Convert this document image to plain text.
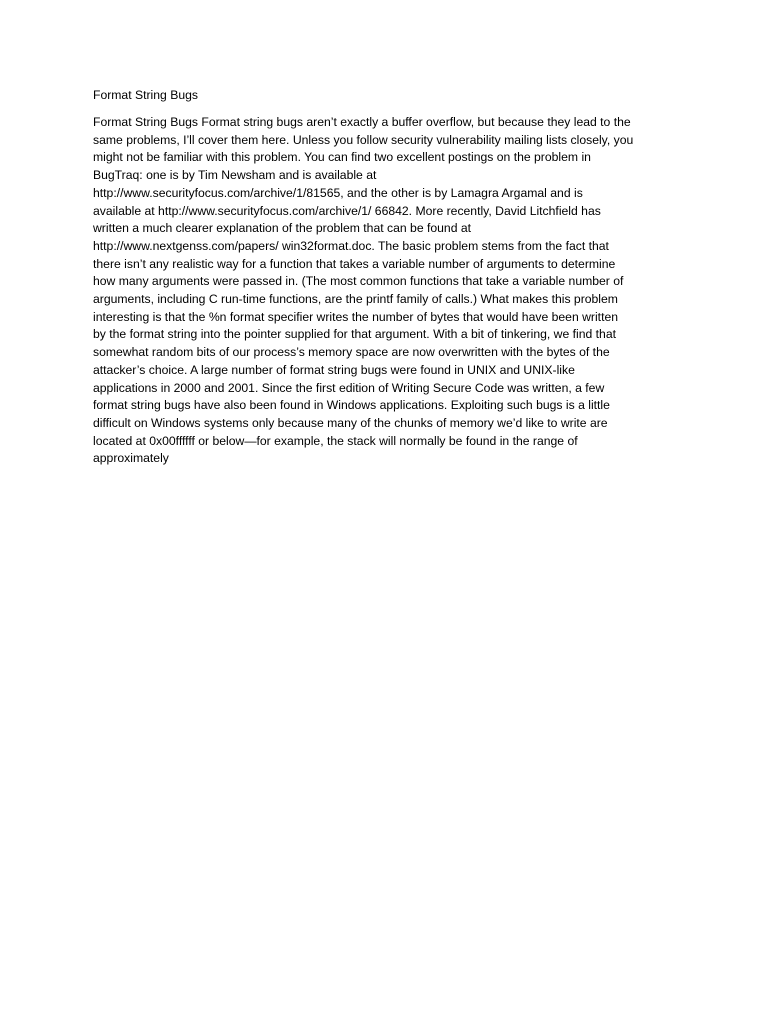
Format String Bugs
Format String Bugs Format string bugs aren’t exactly a buffer overflow, but because they lead to the
same problems, I’ll cover them here. Unless you follow security vulnerability mailing lists closely, you
might not be familiar with this problem. You can find two excellent postings on the problem in
BugTraq: one is by Tim Newsham and is available at
http://www.securityfocus.com/archive/1/81565, and the other is by Lamagra Argamal and is
available at http://www.securityfocus.com/archive/1/ 66842. More recently, David Litchfield has
written a much clearer explanation of the problem that can be found at
http://www.nextgenss.com/papers/ win32format.doc. The basic problem stems from the fact that
there isn’t any realistic way for a function that takes a variable number of arguments to determine
how many arguments were passed in. (The most common functions that take a variable number of
arguments, including C run-time functions, are the printf family of calls.) What makes this problem
interesting is that the %n format specifier writes the number of bytes that would have been written
by the format string into the pointer supplied for that argument. With a bit of tinkering, we find that
somewhat random bits of our process’s memory space are now overwritten with the bytes of the
attacker’s choice. A large number of format string bugs were found in UNIX and UNIX-like
applications in 2000 and 2001. Since the first edition of Writing Secure Code was written, a few
format string bugs have also been found in Windows applications. Exploiting such bugs is a little
difficult on Windows systems only because many of the chunks of memory we’d like to write are
located at 0x00ffffff or below—for example, the stack will normally be found in the range of
approximately
